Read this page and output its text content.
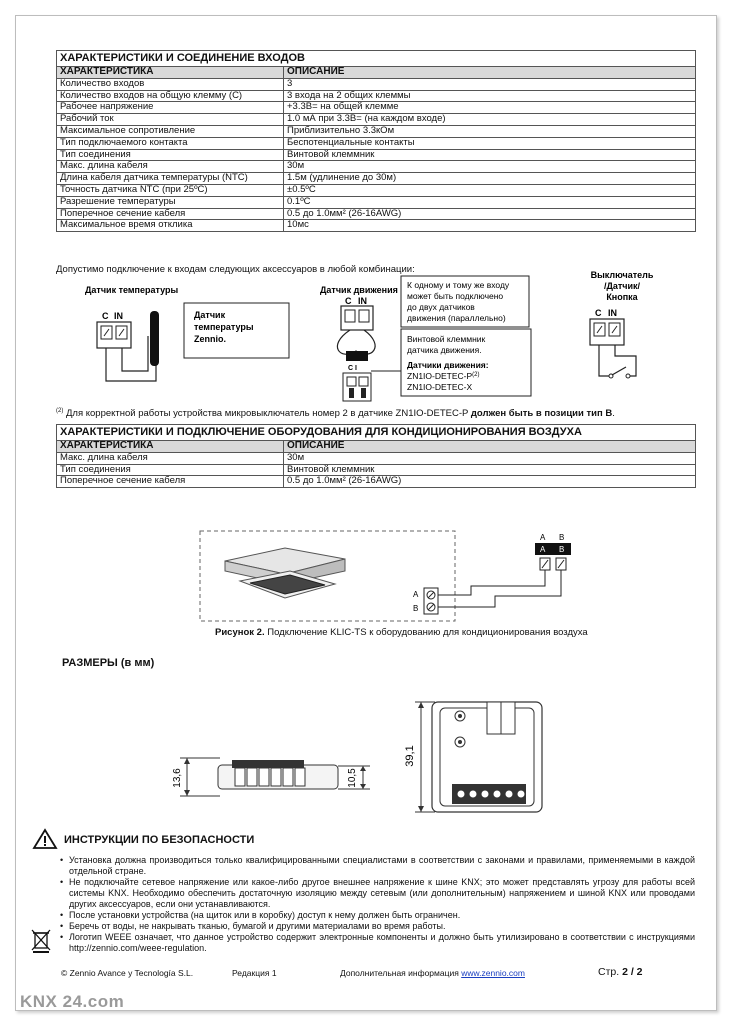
ХАРАКТЕРИСТИКИ И СОЕДИНЕНИЕ ВХОДОВ	
ХАРАКТЕРИСТИКА	ОПИСАНИЕ
Количество входов	3
Количество входов на общую клемму (C)	3 входа на 2 общих клеммы
Рабочее напряжение	+3.3В= на общей клемме
Рабочий ток	1.0 мА при 3.3В= (на каждом входе)
Максимальное сопротивление	Приблизительно 3.3кОм
Тип подключаемого контакта	Беспотенциальные контакты
Тип соединения	Винтовой клеммник
Макс. длина кабеля	30м
Длина кабеля датчика температуры (NTC)	1.5м (удлинение до 30м)
Точность датчика NTC (при 25ºC)	±0.5ºC
Разрешение температуры	0.1ºC
Поперечное сечение кабеля	0.5 до 1.0мм² (26-16AWG)
Максимальное время отклика	10мс
Допустимо подключение к входам следующих аксессуаров в любой комбинации:
Датчик температуры
C IN	Датчик
температуры
Zennio.
Датчик движения
C IN
C I
К одному и тому же входу
может быть подключено
до двух датчиков
движения (параллельно)
Винтовой клеммник
датчика движения.
Датчики движения:
$ZN1IO-DETEC-P^{(2)}$
ZN1IO-DETEC-X
Выключатель
/Датчик/
Кнопка
C IN
$^{(2)}$ Для корректной работы устройства микровыключатель номер 2 в датчике ZN1IO-DETEC-P должен быть в позиции тип B.
ХАРАКТЕРИСТИКИ И ПОДКЛЮЧЕНИЕ ОБОРУДОВАНИЯ ДЛЯ КОНДИЦИОНИРОВАНИЯ ВОЗДУХА	
ХАРАКТЕРИСТИКА	ОПИСАНИЕ
Макс. длина кабеля	30м
Тип соединения	Винтовой клеммник
Поперечное сечение кабеля	0.5 до 1.0мм² (26-16AWG)
A
B
A B
A B
Рисунок 2. Подключение KLIC-TS к оборудованию для кондиционирования воздуха
РАЗМЕРЫ (в мм)
13,6	10,5
39,1
ИНСТРУКЦИИ ПО БЕЗОПАСНОСТИ
• Установка должна производиться только квалифицированными специалистами в соответствии с законами и правилами, применяемыми в каждой отдельной стране.
• Не подключайте сетевое напряжение или какое-либо другое внешнее напряжение к шине KNX; это может представлять угрозу для работы всей системы KNX. Необходимо обеспечить достаточную изоляцию между сетевым (или дополнительным) напряжением и шиной KNX или проводами других аксессуаров, если они устанавливаются.
• После установки устройства (на щиток или в коробку) доступ к нему должен быть ограничен.
• Беречь от воды, не накрывать тканью, бумагой и другими материалами во время работы.
• Логотип WEEE означает, что данное устройство содержит электронные компоненты и должно быть утилизировано в соответствии с инструкциями http://zennio.com/weee-regulation.
© Zennio Avance y Tecnología S.L.	Редакция 1	Дополнительная информация www.zennio.com	Стр. 2 / 2
KNX 24.com
